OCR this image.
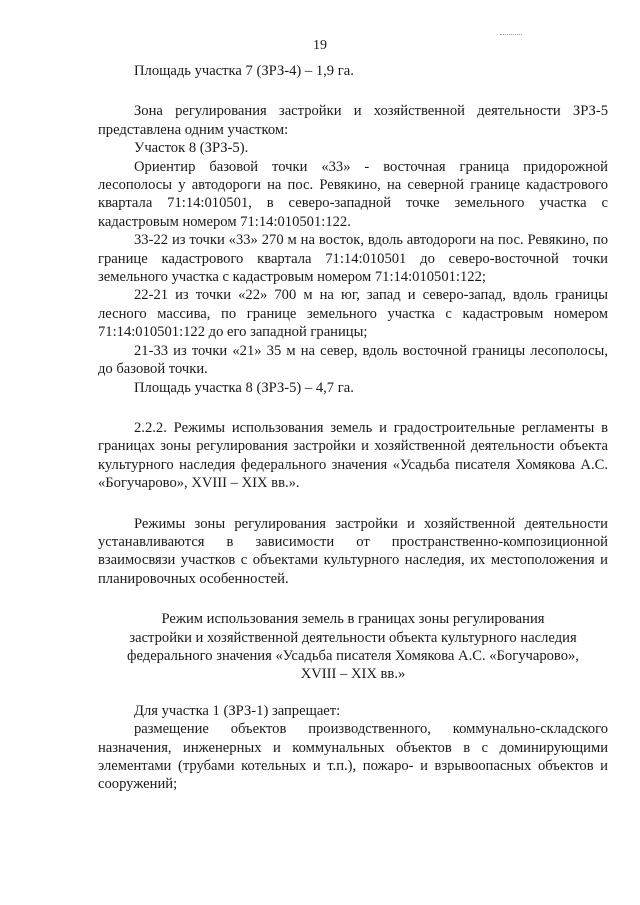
19

Площадь участка 7 (ЗРЗ-4) – 1,9 га.

Зона регулирования застройки и хозяйственной деятельности ЗРЗ-5 представлена одним участком:

Участок 8 (ЗРЗ-5).

Ориентир базовой точки «33» - восточная граница придорожной лесополосы у автодороги на пос. Ревякино, на северной границе кадастрового квартала 71:14:010501, в северо-западной точке земельного участка с кадастровым номером 71:14:010501:122.

33-22 из точки «33» 270 м на восток, вдоль автодороги на пос. Ревякино, по границе кадастрового квартала 71:14:010501 до северо-восточной точки земельного участка с кадастровым номером 71:14:010501:122;

22-21 из точки «22» 700 м на юг, запад и северо-запад, вдоль границы лесного массива, по границе земельного участка с кадастровым номером 71:14:010501:122 до его западной границы;

21-33 из точки «21» 35 м на север, вдоль восточной границы лесополосы, до базовой точки.

Площадь участка 8 (ЗРЗ-5) – 4,7 га.

2.2.2. Режимы использования земель и градостроительные регламенты в границах зоны регулирования застройки и хозяйственной деятельности объекта культурного наследия федерального значения «Усадьба писателя Хомякова А.С. «Богучарово», XVIII – XIX вв.».

Режимы зоны регулирования застройки и хозяйственной деятельности устанавливаются в зависимости от пространственно-композиционной взаимосвязи участков с объектами культурного наследия, их местоположения и планировочных особенностей.

Режим использования земель в границах зоны регулирования
застройки и хозяйственной деятельности объекта культурного наследия
федерального значения «Усадьба писателя Хомякова А.С. «Богучарово»,
XVIII – XIX вв.»

Для участка 1 (ЗРЗ-1) запрещает:

размещение объектов производственного, коммунально-складского назначения, инженерных и коммунальных объектов в с доминирующими элементами (трубами котельных и т.п.), пожаро- и взрывоопасных объектов и сооружений;
